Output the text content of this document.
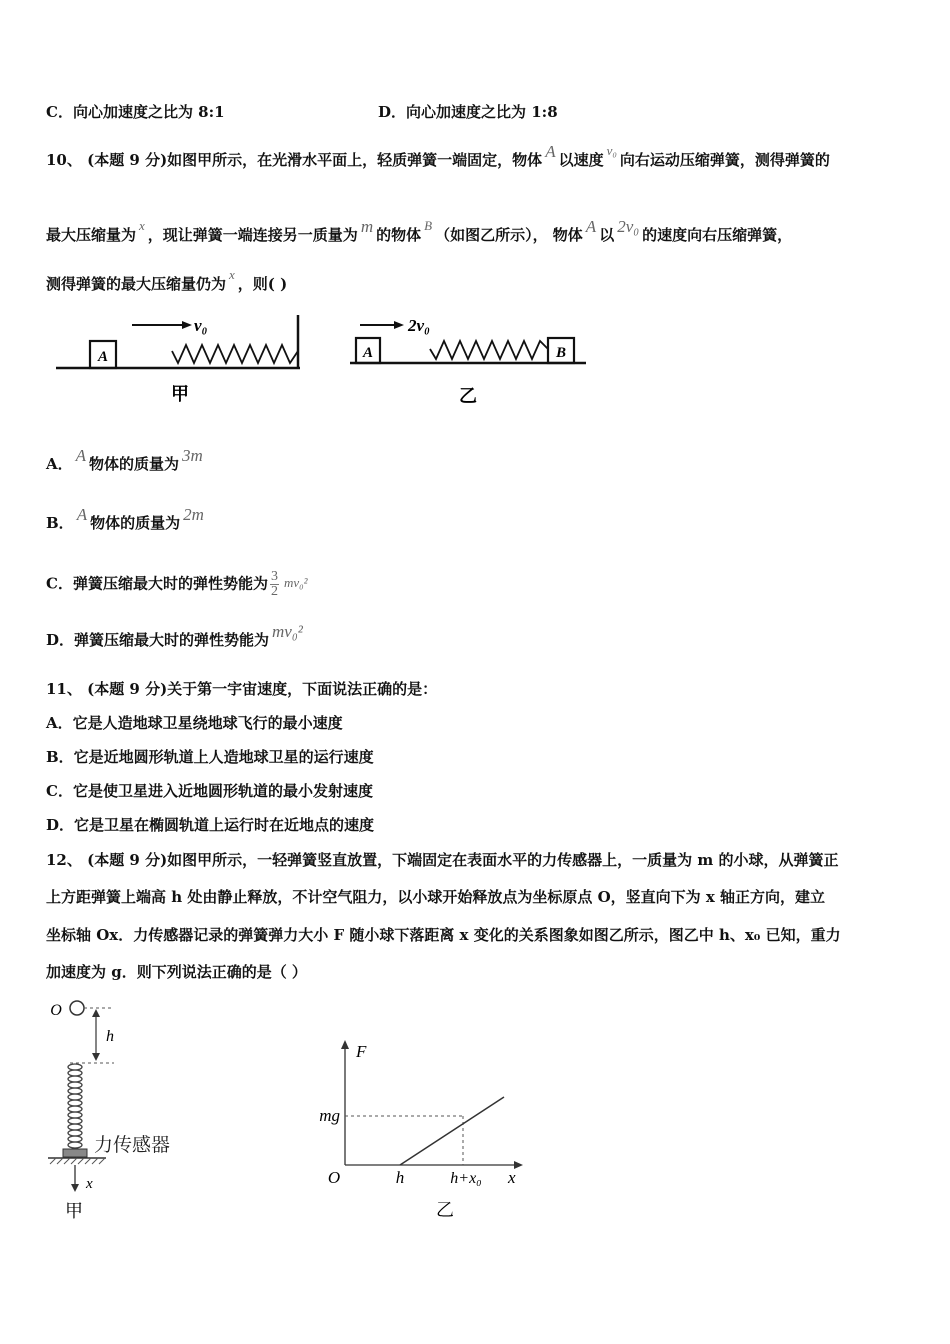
C．向心加速度之比为 8:1	D．向心加速度之比为 1:8
10、 (本题 9 分)如图甲所示，在光滑水平面上，轻质弹簧一端固定，物体 A 以速度v₀向右运动压缩弹簧，测得弹簧的
最大压缩量为x，现让弹簧一端连接另一质量为 m 的物体B（如图乙所示）， 物体 A 以 2v₀ 的速度向右压缩弹簧，
测得弹簧的最大压缩量仍为x，则( )
A
v₀
甲
A	B
2v₀
乙
A． A 物体的质量为 3m
B． A 物体的质量为 2m
C．弹簧压缩最大时的弹性势能为 $\frac{3}{2} mv_0^2$
D．弹簧压缩最大时的弹性势能为 mv₀²
11、 (本题 9 分)关于第一宇宙速度，下面说法正确的是：
A．它是人造地球卫星绕地球飞行的最小速度
B．它是近地圆形轨道上人造地球卫星的运行速度
C．它是使卫星进入近地圆形轨道的最小发射速度
D．它是卫星在椭圆轨道上运行时在近地点的速度
12、 (本题 9 分)如图甲所示，一轻弹簧竖直放置，下端固定在表面水平的力传感器上，一质量为 m 的小球，从弹簧正
上方距弹簧上端高 h 处由静止释放，不计空气阻力，以小球开始释放点为坐标原点 O，竖直向下为 x 轴正方向，建立
坐标轴 Ox．力传感器记录的弹簧弹力大小 F 随小球下落距离 x 变化的关系图象如图乙所示，图乙中 h、x₀ 已知，重力
加速度为 g．则下列说法正确的是（ ）
O
h
力传感器
x
甲
F
x
O	h	h+x₀
mg
乙
